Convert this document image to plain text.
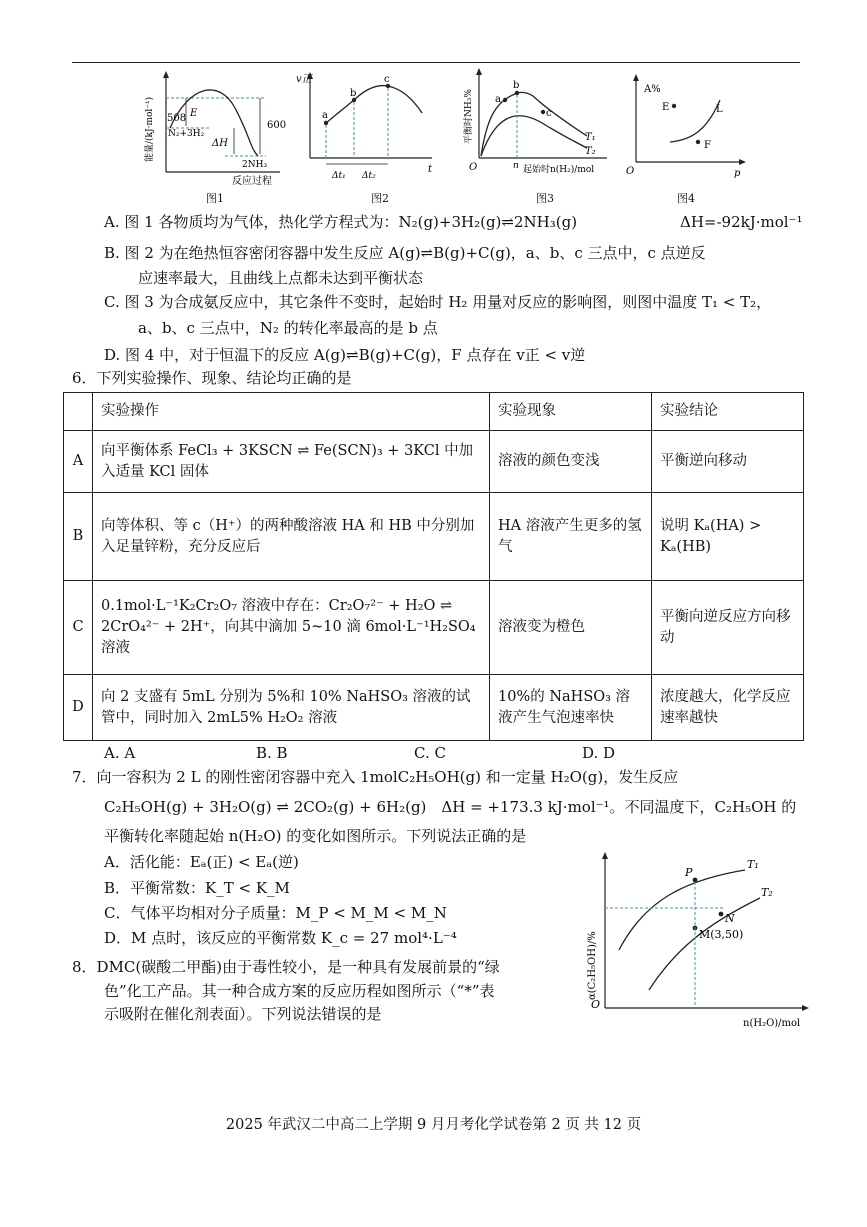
能量/(kJ·mol⁻¹) 508 E
N₂+3H₂
ΔH
600
2NH₃
反应过程
图1
v正
a
b
c
Δt₁ Δt₂
t
图2
平衡时NH₃% a
b
c
T₁
T₂
O	n 起始时n(H₂)/mol
图3
A%
E	L
F
O	p
图4
A. 图 1 各物质均为气体，热化学方程式为：N₂(g)+3H₂(g)⇌2NH₃(g)	ΔH=-92kJ·mol⁻¹
B. 图 2 为在绝热恒容密闭容器中发生反应 A(g)⇌B(g)+C(g)，a、b、c 三点中，c 点逆反
应速率最大，且曲线上点都未达到平衡状态
C. 图 3 为合成氨反应中，其它条件不变时，起始时 H₂ 用量对反应的影响图，则图中温度 T₁ < T₂，
a、b、c 三点中，N₂ 的转化率最高的是 b 点
D. 图 4 中，对于恒温下的反应 A(g)⇌B(g)+C(g)，F 点存在 v正 < v逆
6．下列实验操作、现象、结论均正确的是
	实验操作	实验现象	实验结论
A	向平衡体系 FeCl₃ + 3KSCN ⇌ Fe(SCN)₃ + 3KCl 中加入适量 KCl 固体	溶液的颜色变浅	平衡逆向移动
B	向等体积、等 c（H⁺）的两种酸溶液 HA 和 HB 中分别加入足量锌粉，充分反应后	HA 溶液产生更多的氢气	说明 Kₐ(HA) > Kₐ(HB)
C	0.1mol·L⁻¹K₂Cr₂O₇ 溶液中存在：Cr₂O₇²⁻ + H₂O ⇌ 2CrO₄²⁻ + 2H⁺，向其中滴加 5~10 滴 6mol·L⁻¹H₂SO₄ 溶液	溶液变为橙色	平衡向逆反应方向移动
D	向 2 支盛有 5mL 分别为 5%和 10% NaHSO₃ 溶液的试管中，同时加入 2mL5% H₂O₂ 溶液	10%的 NaHSO₃ 溶液产生气泡速率快	浓度越大，化学反应速率越快
A. A	B. B	C. C	D. D
7．向一容积为 2 L 的刚性密闭容器中充入 1molC₂H₅OH(g) 和一定量 H₂O(g)，发生反应
C₂H₅OH(g) + 3H₂O(g) ⇌ 2CO₂(g) + 6H₂(g)　ΔH = +173.3 kJ·mol⁻¹。不同温度下，C₂H₅OH 的
平衡转化率随起始 n(H₂O) 的变化如图所示。下列说法正确的是
A．活化能：Eₐ(正) < Eₐ(逆)
B．平衡常数：K_T < K_M
C．气体平均相对分子质量：M_P < M_M < M_N
D．M 点时，该反应的平衡常数 K_c = 27 mol⁴·L⁻⁴	α(C₂H₅OH)/%
P
T₁
T₂
N
M(3,50)
O
n(H₂O)/mol
8．DMC(碳酸二甲酯)由于毒性较小，是一种具有发展前景的“绿
色”化工产品。其一种合成方案的反应历程如图所示（“*”表
示吸附在催化剂表面）。下列说法错误的是
2025 年武汉二中高二上学期 9 月月考化学试卷第 2 页 共 12 页
